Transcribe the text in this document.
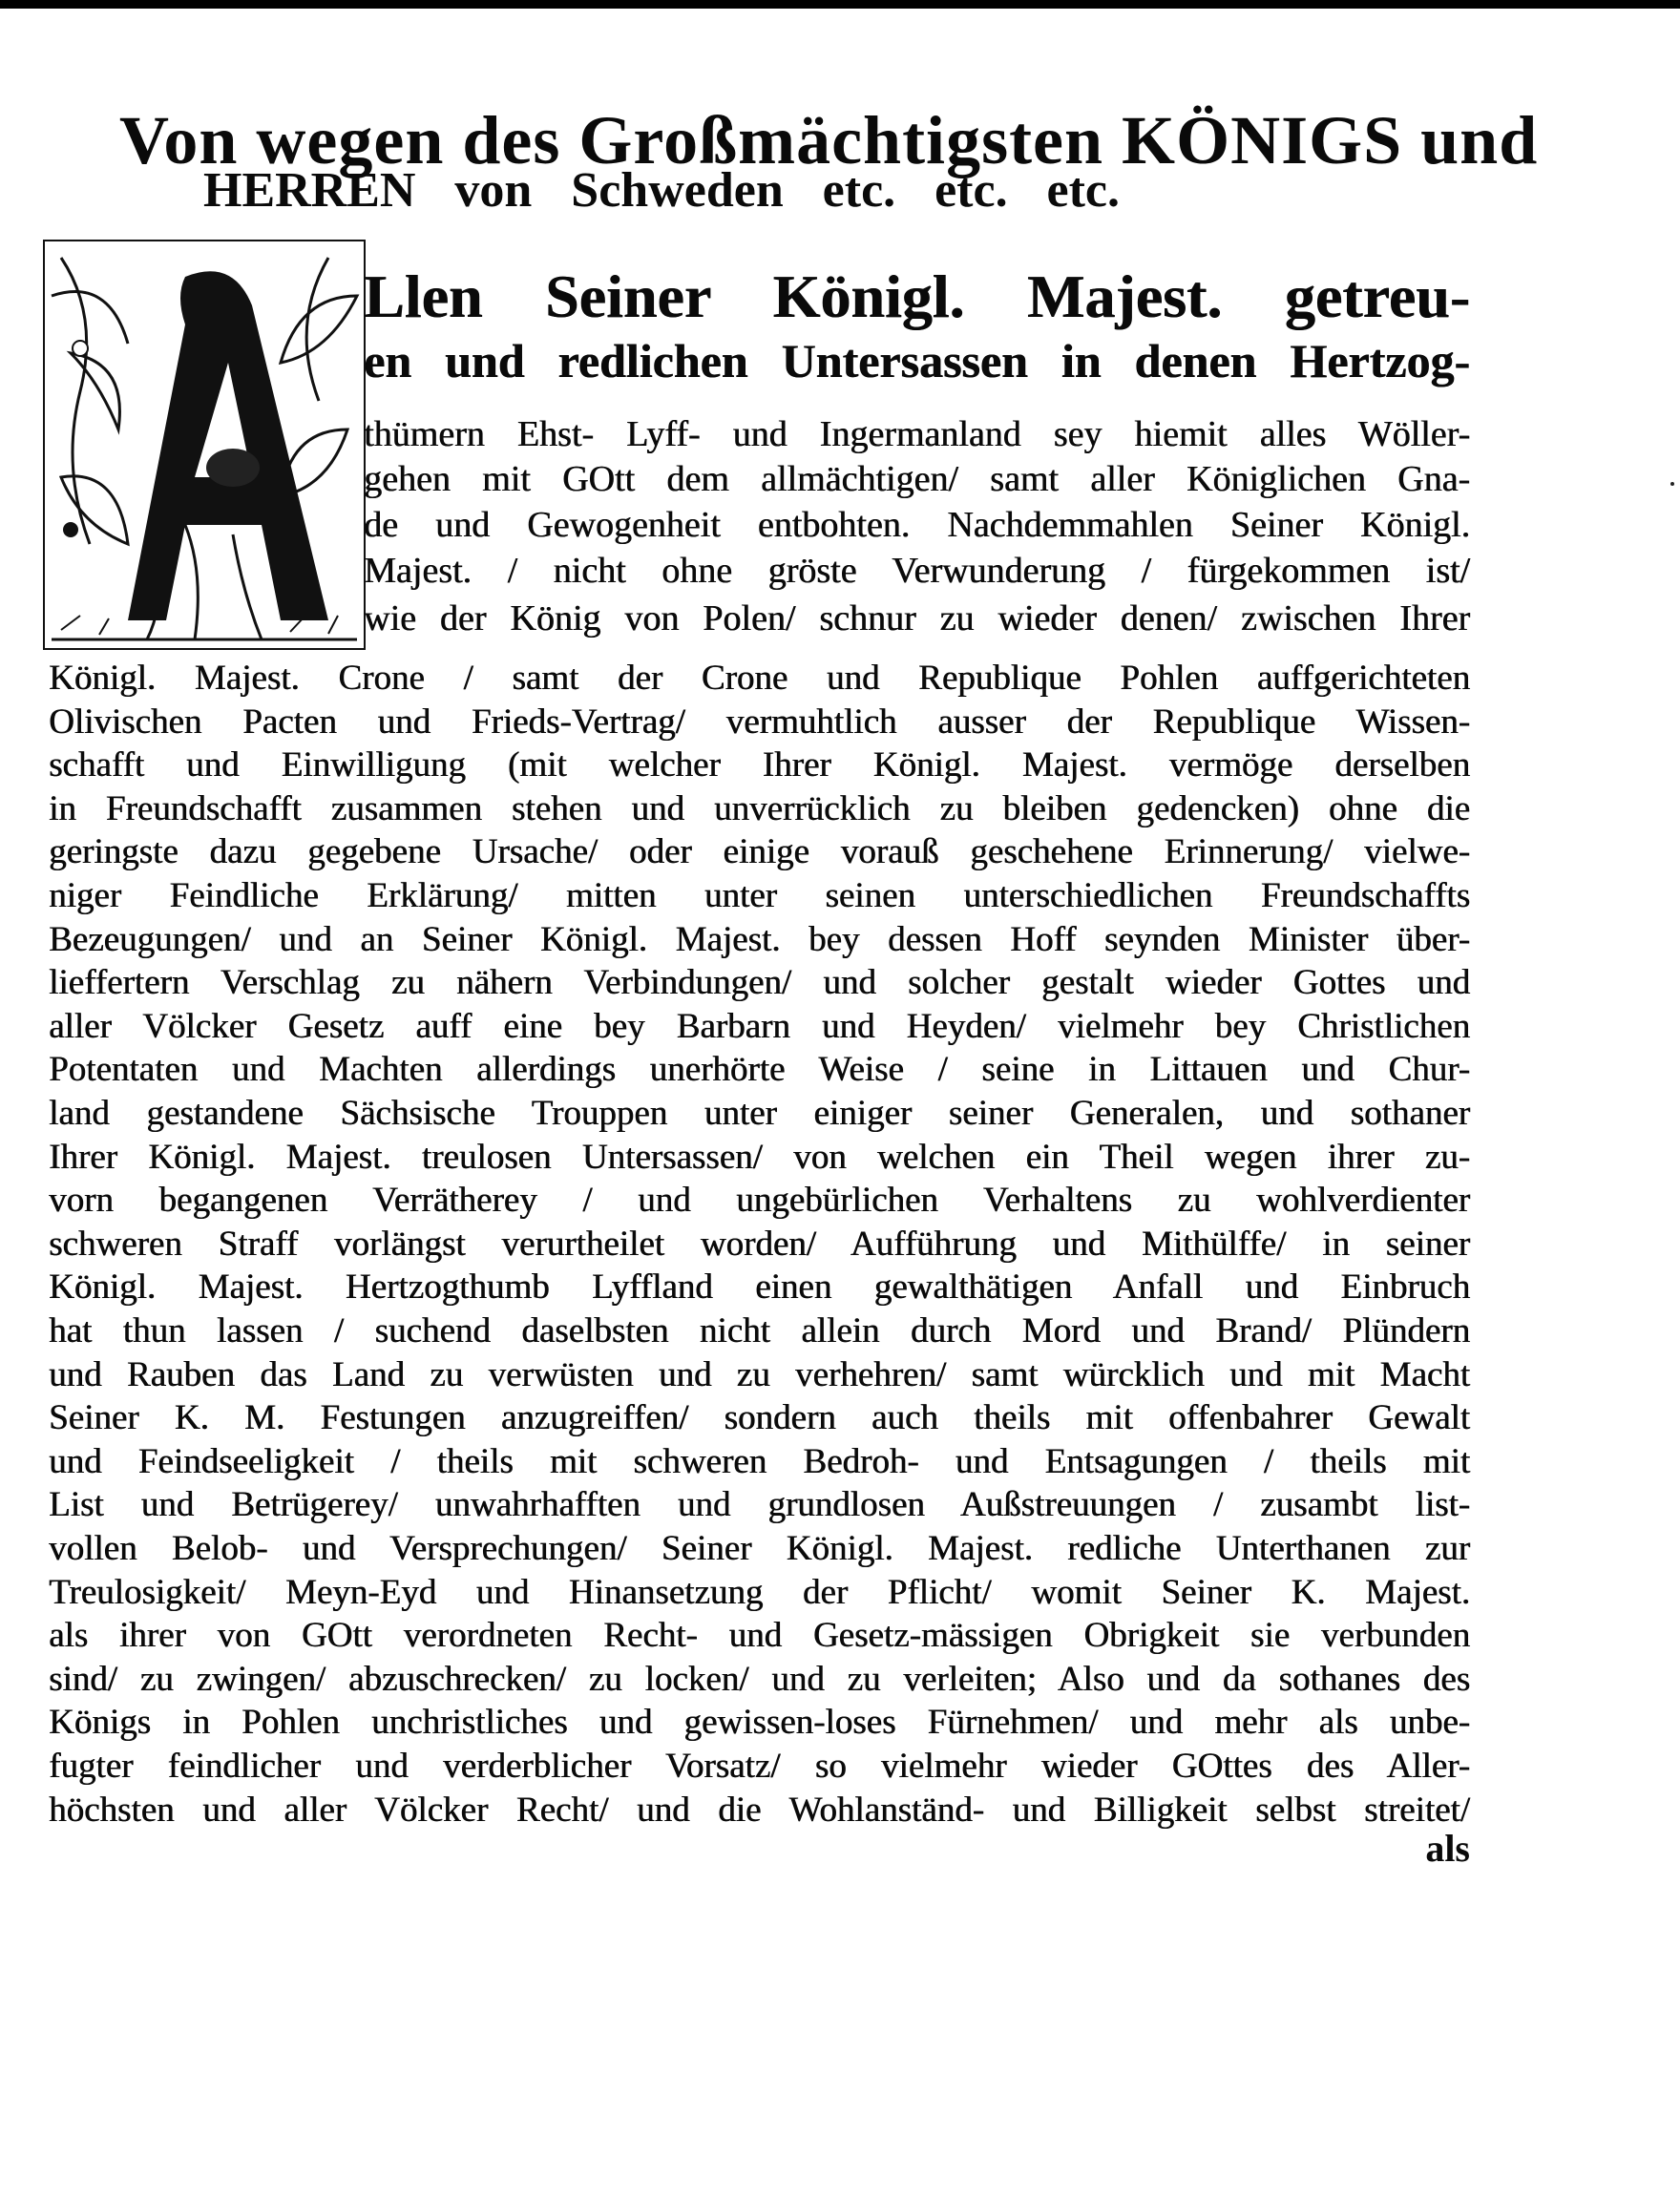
Von wegen des Großmächtigsten KÖNIGS und
HERREN von Schweden etc. etc. etc.
A
Llen Seiner Königl. Majest. getreu-
en und redlichen Untersassen in denen Hertzog-
thümern Ehst- Lyff- und Ingermanland sey hiemit alles Wöller-
gehen mit GOtt dem allmächtigen/ samt aller Königlichen Gna-
de und Gewogenheit entbohten. Nachdemmahlen Seiner Königl.
Majest. / nicht ohne gröste Verwunderung / fürgekommen ist/
wie der König von Polen/ schnur zu wieder denen/ zwischen Ihrer
Königl. Majest. Crone / samt der Crone und Republique Pohlen auffgerichteten
Olivischen Pacten und Frieds-Vertrag/ vermuhtlich ausser der Republique Wissen-
schafft und Einwilligung (mit welcher Ihrer Königl. Majest. vermöge derselben
in Freundschafft zusammen stehen und unverrücklich zu bleiben gedencken) ohne die
geringste dazu gegebene Ursache/ oder einige vorauß geschehene Erinnerung/ vielwe-
niger Feindliche Erklärung/ mitten unter seinen unterschiedlichen Freundschaffts
Bezeugungen/ und an Seiner Königl. Majest. bey dessen Hoff seynden Minister über-
lieffertern Verschlag zu nähern Verbindungen/ und solcher gestalt wieder Gottes und
aller Völcker Gesetz auff eine bey Barbarn und Heyden/ vielmehr bey Christlichen
Potentaten und Machten allerdings unerhörte Weise / seine in Littauen und Chur-
land gestandene Sächsische Trouppen unter einiger seiner Generalen, und sothaner
Ihrer Königl. Majest. treulosen Untersassen/ von welchen ein Theil wegen ihrer zu-
vorn begangenen Verrätherey / und ungebürlichen Verhaltens zu wohlverdienter
schweren Straff vorlängst verurtheilet worden/ Aufführung und Mithülffe/ in seiner
Königl. Majest. Hertzogthumb Lyffland einen gewalthätigen Anfall und Einbruch
hat thun lassen / suchend daselbsten nicht allein durch Mord und Brand/ Plündern
und Rauben das Land zu verwüsten und zu verhehren/ samt würcklich und mit Macht
Seiner K. M. Festungen anzugreiffen/ sondern auch theils mit offenbahrer Gewalt
und Feindseeligkeit / theils mit schweren Bedroh- und Entsagungen / theils mit
List und Betrügerey/ unwahrhafften und grundlosen Außstreuungen / zusambt list-
vollen Belob- und Versprechungen/ Seiner Königl. Majest. redliche Unterthanen zur
Treulosigkeit/ Meyn-Eyd und Hinansetzung der Pflicht/ womit Seiner K. Majest.
als ihrer von GOtt verordneten Recht- und Gesetz-mässigen Obrigkeit sie verbunden
sind/ zu zwingen/ abzuschrecken/ zu locken/ und zu verleiten; Also und da sothanes des
Königs in Pohlen unchristliches und gewissen-loses Fürnehmen/ und mehr als unbe-
fugter feindlicher und verderblicher Vorsatz/ so vielmehr wieder GOttes des Aller-
höchsten und aller Völcker Recht/ und die Wohlanständ- und Billigkeit selbst streitet/
als
